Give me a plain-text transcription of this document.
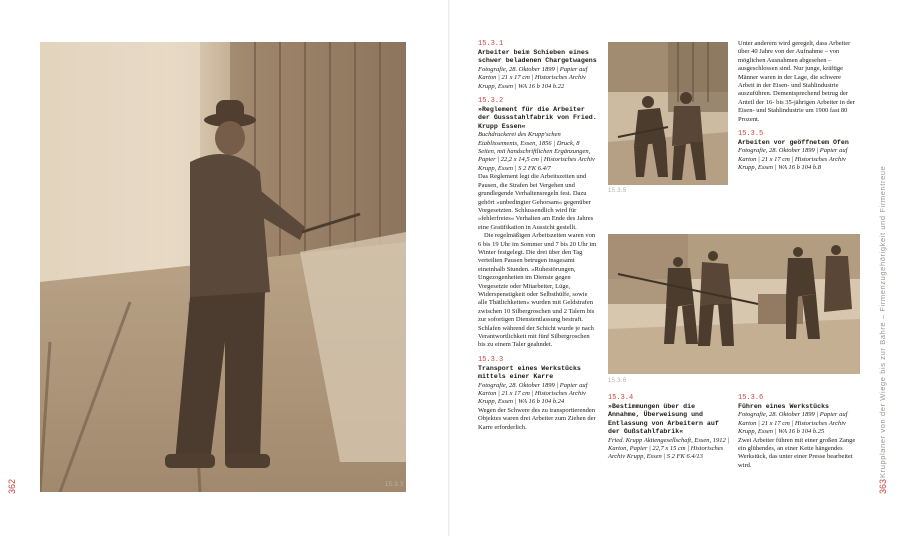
15.3.3
362
15.3.1
Arbeiter beim Schieben eines schwer beladenen Chargetwagens
Fotografie, 28. Oktober 1899 | Papier auf Karton | 21 x 17 cm | Historisches Archiv Krupp, Essen | WA 16 b 104 b.22
15.3.2
»Reglement für die Arbeiter der Gussstahlfabrik von Fried. Krupp Essen«
Buchdruckerei des Krupp'schen Etablissements, Essen, 1856 | Druck, 8 Seiten, mit handschriftlichen Ergänzungen, Papier | 22,2 x 14,5 cm | Historisches Archiv Krupp, Essen | S 2 FK 6.4/7

Das Reglement legt die Arbeitszeiten und Pausen, die Strafen bei Vergehen und grundlegende Verhaltensregeln fest. Dazu gehört »unbedingter Gehorsam« gegenüber Vorgesetzten. Schlussendlich wird für »fehlerfreies« Verhalten am Ende des Jahres eine Gratifikation in Aussicht gestellt.

Die regelmäßigen Arbeitszeiten waren von 6 bis 19 Uhr im Sommer und 7 bis 20 Uhr im Winter festgelegt. Die drei über den Tag verteilten Pausen betrugen insgesamt eineinhalb Stunden. »Ruhestörungen, Ungezogenheiten im Dienste gegen Vorgesetzte oder Mitarbeiter, Lüge, Widerspenstigkeit oder Selbsthülfe, sowie alle Thätlichkeiten« wurden mit Geldstrafen zwischen 10 Silbergroschen und 2 Talern bis zur sofortigen Dienstentlassung bestraft. Schlafen während der Schicht wurde je nach Verantwortlichkeit mit fünf Silbergroschen bis zu einem Taler geahndet.

15.3.3
Transport eines Werkstücks mittels einer Karre
Fotografie, 28. Oktober 1899 | Papier auf Karton | 21 x 17 cm | Historisches Archiv Krupp, Essen | WA 16 b 104 b.24

Wegen der Schwere des zu transportierenden Objektes waren drei Arbeiter zum Ziehen der Karre erforderlich.

15.3.5

Unter anderem wird geregelt, dass Arbeiter über 40 Jahre von der Aufnahme – von möglichen Ausnahmen abgesehen – ausgeschlossen sind. Nur junge, kräftige Männer waren in der Lage, die schwere Arbeit in der Eisen- und Stahlindustrie auszuführen. Dementsprechend betrug der Anteil der 16- bis 35-jährigen Arbeiter in der Eisen- und Stahlindustrie um 1900 fast 80 Prozent.

15.3.5
Arbeiten vor geöffnetem Ofen
Fotografie, 28. Oktober 1899 | Papier auf Karton | 21 x 17 cm | Historisches Archiv Krupp, Essen | WA 16 b 104 b.8
15.3.6
15.3.4
»Bestimmungen über die Annahme, Überweisung und Entlassung von Arbeitern auf der Gußstahlfabrik«
Fried. Krupp Aktiengesellschaft, Essen, 1912 | Karton, Papier | 22,7 x 15 cm | Historisches Archiv Krupp, Essen | S 2 FK 6.4/13
15.3.6
Führen eines Werkstücks
Fotografie, 28. Oktober 1899 | Papier auf Karton | 21 x 17 cm | Historisches Archiv Krupp, Essen | WA 16 b 104 b.25

Zwei Arbeiter führen mit einer großen Zange ein glühendes, an einer Kette hängendes Werkstück, das unter einer Presse bearbeitet wird.	Krupplaner von der Wiege bis zur Bahre – Firmenzugehörigkeit und Firmentreue
363
